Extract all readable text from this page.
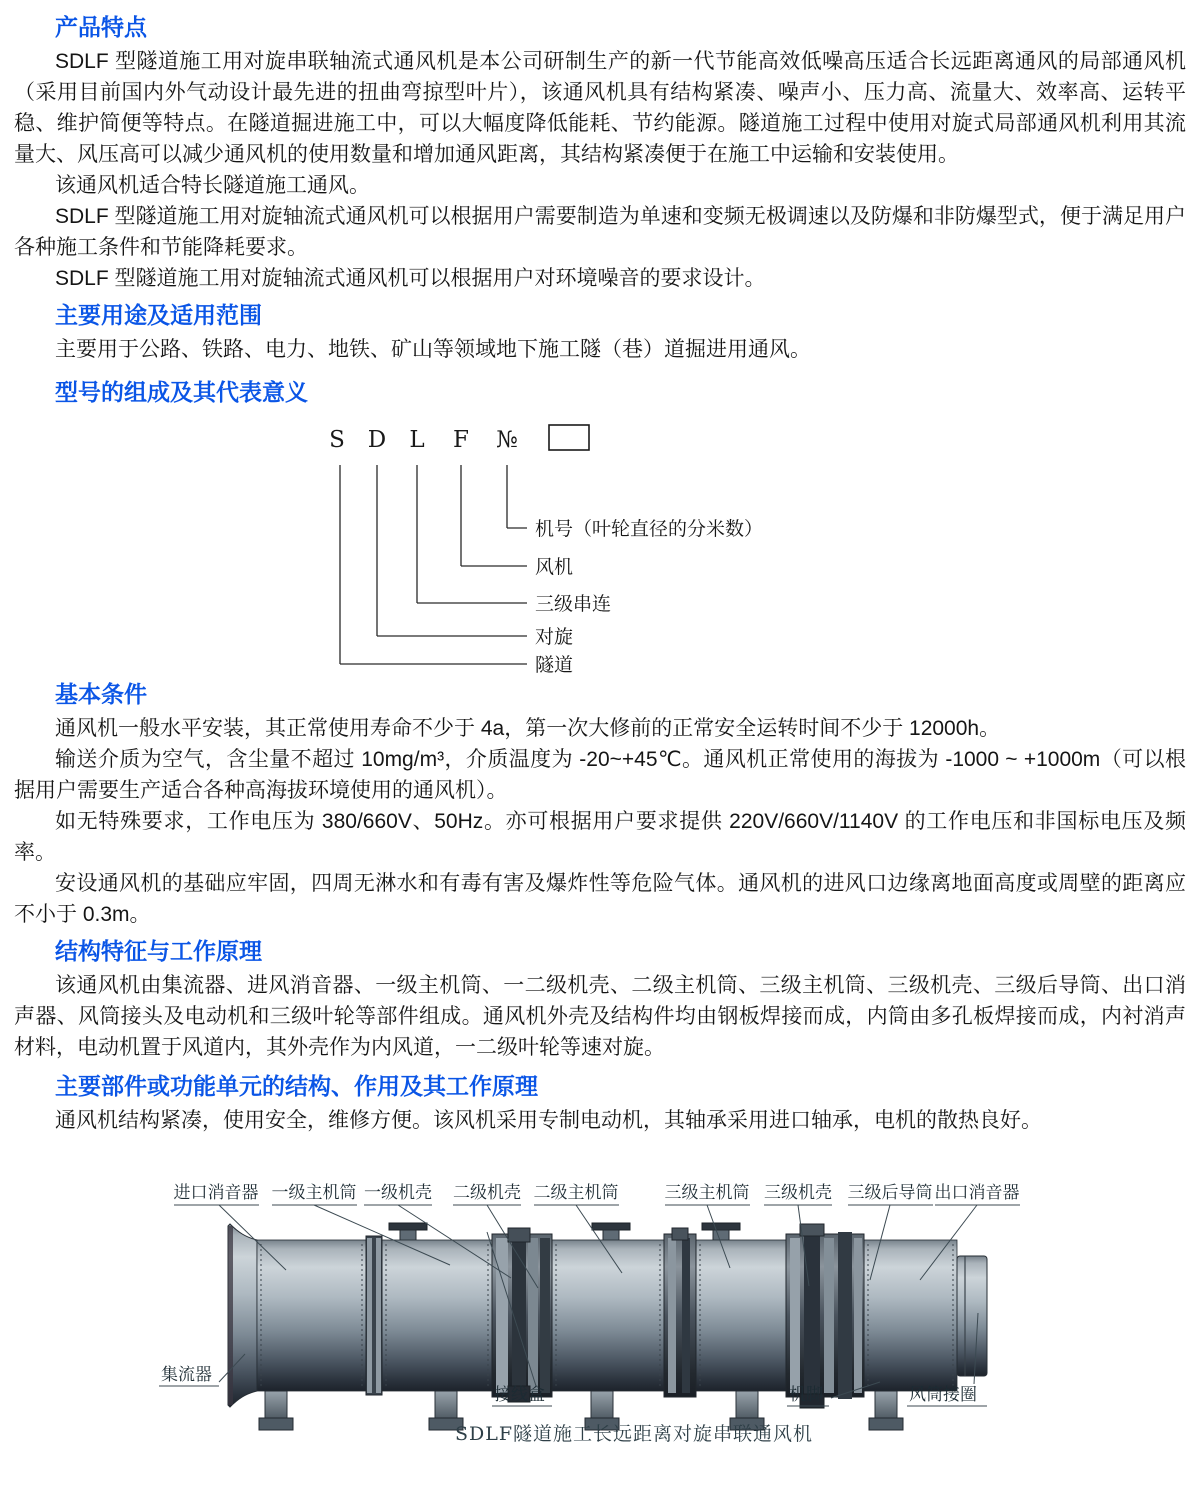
产品特点

SDLF 型隧道施工用对旋串联轴流式通风机是本公司研制生产的新一代节能高效低噪高压适合长远距离通风的局部通风机（采用目前国内外气动设计最先进的扭曲弯掠型叶片），该通风机具有结构紧凑、噪声小、压力高、流量大、效率高、运转平稳、维护简便等特点。在隧道掘进施工中，可以大幅度降低能耗、节约能源。隧道施工过程中使用对旋式局部通风机利用其流量大、风压高可以减少通风机的使用数量和增加通风距离，其结构紧凑便于在施工中运输和安装使用。

该通风机适合特长隧道施工通风。

SDLF 型隧道施工用对旋轴流式通风机可以根据用户需要制造为单速和变频无极调速以及防爆和非防爆型式，便于满足用户各种施工条件和节能降耗要求。

SDLF 型隧道施工用对旋轴流式通风机可以根据用户对环境噪音的要求设计。

主要用途及适用范围

主要用于公路、铁路、电力、地铁、矿山等领域地下施工隧（巷）道掘进用通风。

型号的组成及其代表意义
S D L F №
机号（叶轮直径的分米数）
风机
三级串连
对旋
隧道
基本条件

通风机一般水平安装，其正常使用寿命不少于 4a，第一次大修前的正常安全运转时间不少于 12000h。

输送介质为空气，含尘量不超过 10mg/m³，介质温度为 -20~+45℃。通风机正常使用的海拔为 -1000 ~ +1000m（可以根据用户需要生产适合各种高海拔环境使用的通风机）。

如无特殊要求，工作电压为 380/660V、50Hz。亦可根据用户要求提供 220V/660V/1140V 的工作电压和非国标电压及频率。

安设通风机的基础应牢固，四周无淋水和有毒有害及爆炸性等危险气体。通风机的进风口边缘离地面高度或周壁的距离应不小于 0.3m。

结构特征与工作原理

该通风机由集流器、进风消音器、一级主机筒、一二级机壳、二级主机筒、三级主机筒、三级机壳、三级后导筒、出口消声器、风筒接头及电动机和三级叶轮等部件组成。通风机外壳及结构件均由钢板焊接而成，内筒由多孔板焊接而成，内衬消声材料，电动机置于风道内，其外壳作为内风道，一二级叶轮等速对旋。

主要部件或功能单元的结构、作用及其工作原理

通风机结构紧凑，使用安全，维修方便。该风机采用专制电动机，其轴承采用进口轴承，电机的散热良好。

进口消音器 一级主机筒 一级机壳 二级机壳 二级主机筒	三级主机筒 三级机壳 三级后导筒 出口消音器
集流器
接线盒	机脚	风筒接圈
SDLF隧道施工长远距离对旋串联通风机
